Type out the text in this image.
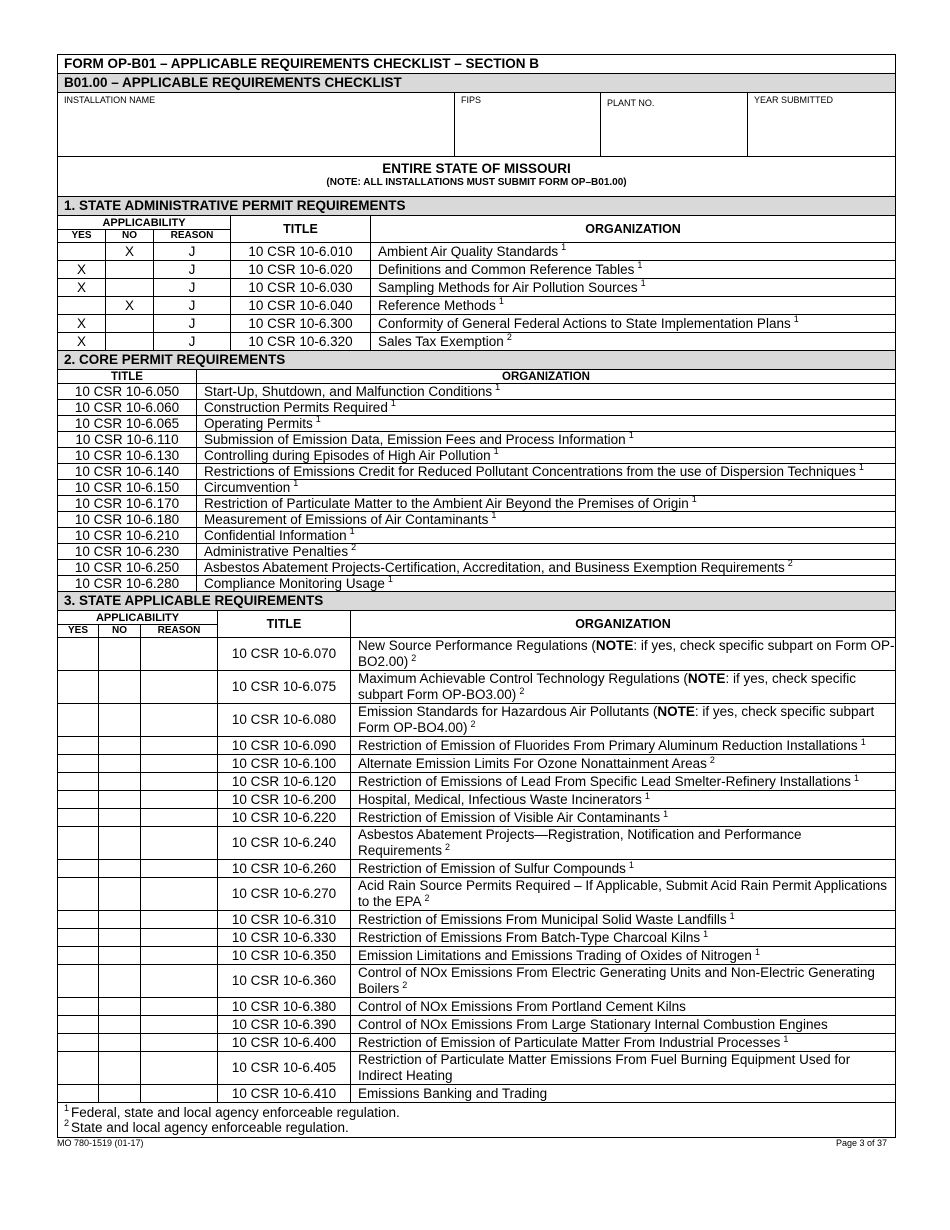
FORM OP-B01 – APPLICABLE REQUIREMENTS CHECKLIST – SECTION B
B01.00 – APPLICABLE REQUIREMENTS CHECKLIST
INSTALLATION NAME	FIPS	PLANT NO.	YEAR SUBMITTED

ENTIRE STATE OF MISSOURI
(NOTE: ALL INSTALLATIONS MUST SUBMIT FORM OP–B01.00)
1. STATE ADMINISTRATIVE PERMIT REQUIREMENTS				
APPLICABILITY			TITLE	ORGANIZATION
YES	NO	REASON		
	X	J	10 CSR 10-6.010	Ambient Air Quality Standards $^1$
X		J	10 CSR 10-6.020	Definitions and Common Reference Tables $^1$
X		J	10 CSR 10-6.030	Sampling Methods for Air Pollution Sources $^1$
	X	J	10 CSR 10-6.040	Reference Methods $^1$
X		J	10 CSR 10-6.300	Conformity of General Federal Actions to State Implementation Plans $^1$
X		J	10 CSR 10-6.320	Sales Tax Exemption $^2$
2. CORE PERMIT REQUIREMENTS	
TITLE	ORGANIZATION
10 CSR 10-6.050	Start-Up, Shutdown, and Malfunction Conditions $^1$
10 CSR 10-6.060	Construction Permits Required $^1$
10 CSR 10-6.065	Operating Permits $^1$
10 CSR 10-6.110	Submission of Emission Data, Emission Fees and Process Information $^1$
10 CSR 10-6.130	Controlling during Episodes of High Air Pollution $^1$
10 CSR 10-6.140	Restrictions of Emissions Credit for Reduced Pollutant Concentrations from the use of Dispersion Techniques $^1$
10 CSR 10-6.150	Circumvention $^1$
10 CSR 10-6.170	Restriction of Particulate Matter to the Ambient Air Beyond the Premises of Origin $^1$
10 CSR 10-6.180	Measurement of Emissions of Air Contaminants $^1$
10 CSR 10-6.210	Confidential Information $^1$
10 CSR 10-6.230	Administrative Penalties $^2$
10 CSR 10-6.250	Asbestos Abatement Projects-Certification, Accreditation, and Business Exemption Requirements $^2$
10 CSR 10-6.280	Compliance Monitoring Usage $^1$
3. STATE APPLICABLE REQUIREMENTS				
APPLICABILITY			TITLE	ORGANIZATION
YES	NO	REASON		
			10 CSR 10-6.070	New Source Performance Regulations (NOTE: if yes, check specific subpart on Form OP-BO2.00) $^2$
			10 CSR 10-6.075	Maximum Achievable Control Technology Regulations (NOTE: if yes, check specific subpart Form OP-BO3.00) $^2$
			10 CSR 10-6.080	Emission Standards for Hazardous Air Pollutants (NOTE: if yes, check specific subpart Form OP-BO4.00) $^2$
			10 CSR 10-6.090	Restriction of Emission of Fluorides From Primary Aluminum Reduction Installations $^1$
			10 CSR 10-6.100	Alternate Emission Limits For Ozone Nonattainment Areas $^2$
			10 CSR 10-6.120	Restriction of Emissions of Lead From Specific Lead Smelter-Refinery Installations $^1$
			10 CSR 10-6.200	Hospital, Medical, Infectious Waste Incinerators $^1$
			10 CSR 10-6.220	Restriction of Emission of Visible Air Contaminants $^1$
			10 CSR 10-6.240	Asbestos Abatement Projects—Registration, Notification and Performance Requirements $^2$
			10 CSR 10-6.260	Restriction of Emission of Sulfur Compounds $^1$
			10 CSR 10-6.270	Acid Rain Source Permits Required – If Applicable, Submit Acid Rain Permit Applications to the EPA $^2$
			10 CSR 10-6.310	Restriction of Emissions From Municipal Solid Waste Landfills $^1$
			10 CSR 10-6.330	Restriction of Emissions From Batch-Type Charcoal Kilns $^1$
			10 CSR 10-6.350	Emission Limitations and Emissions Trading of Oxides of Nitrogen $^1$
			10 CSR 10-6.360	Control of NOx Emissions From Electric Generating Units and Non-Electric Generating Boilers $^2$
			10 CSR 10-6.380	Control of NOx Emissions From Portland Cement Kilns
			10 CSR 10-6.390	Control of NOx Emissions From Large Stationary Internal Combustion Engines
			10 CSR 10-6.400	Restriction of Emission of Particulate Matter From Industrial Processes $^1$
			10 CSR 10-6.405	Restriction of Particulate Matter Emissions From Fuel Burning Equipment Used for Indirect Heating
			10 CSR 10-6.410	Emissions Banking and Trading

$^1$ Federal, state and local agency enforceable regulation.
$^2$ State and local agency enforceable regulation.				
MO 780-1519 (01-17)	Page 3 of 37
